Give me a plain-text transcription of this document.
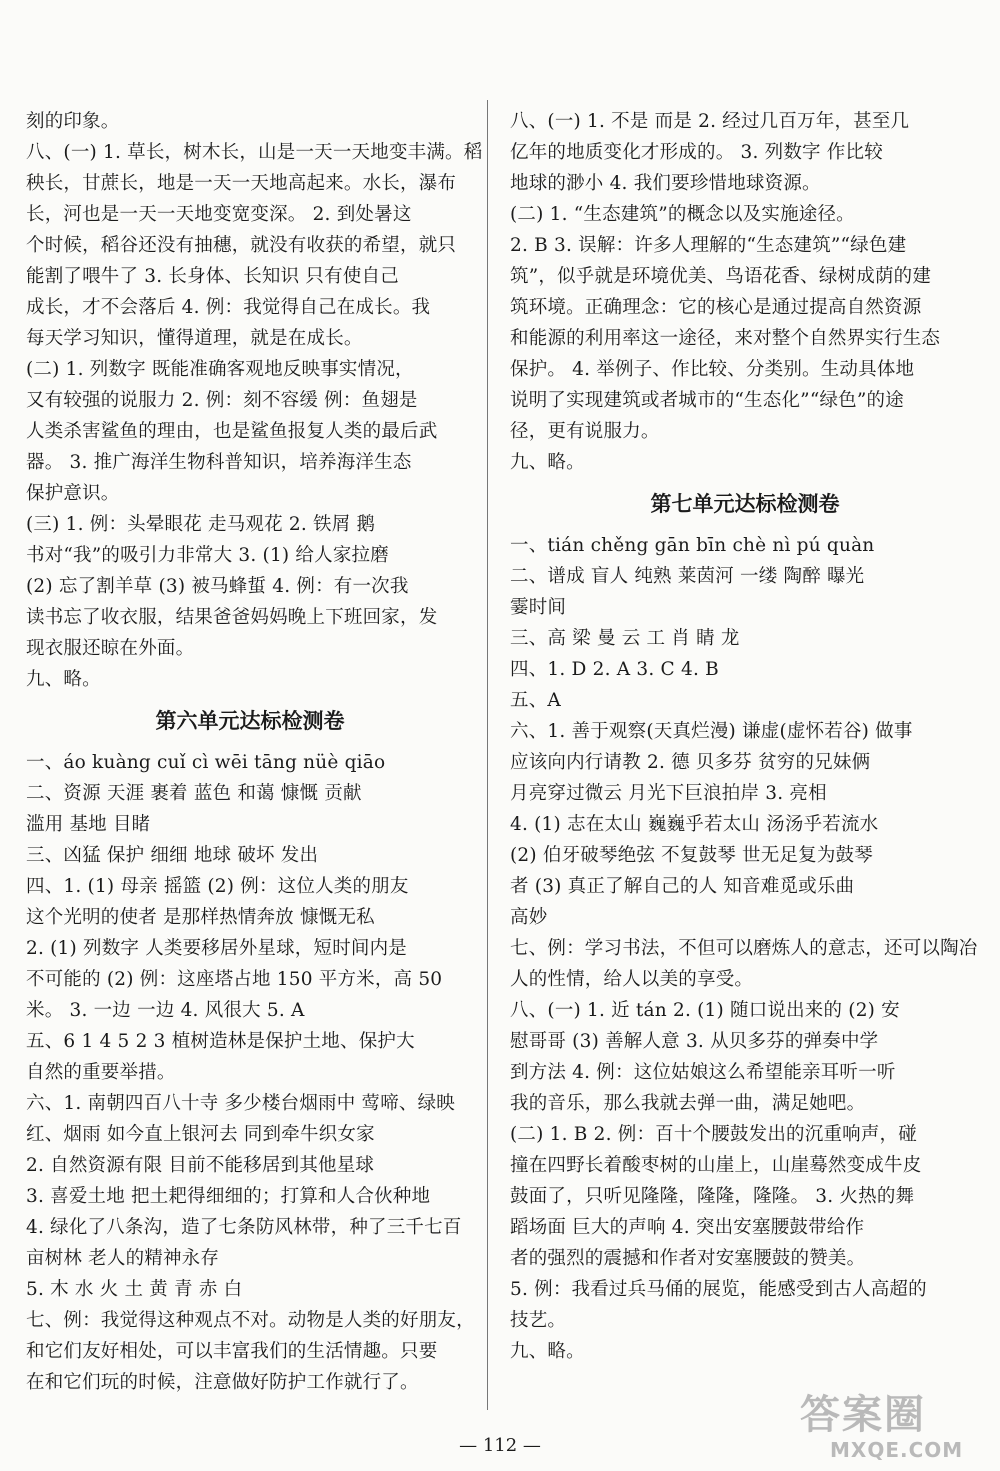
刻的印象。
八、(一) 1. 草长，树木长，山是一天一天地变丰满。稻
秧长，甘蔗长，地是一天一天地高起来。水长，瀑布
长，河也是一天一天地变宽变深。 2. 到处暑这
个时候，稻谷还没有抽穗，就没有收获的希望，就只
能割了喂牛了 3. 长身体、长知识 只有使自己
成长，才不会落后 4. 例：我觉得自己在成长。我
每天学习知识，懂得道理，就是在成长。
(二) 1. 列数字 既能准确客观地反映事实情况，
又有较强的说服力 2. 例：刻不容缓 例：鱼翅是
人类杀害鲨鱼的理由，也是鲨鱼报复人类的最后武
器。 3. 推广海洋生物科普知识，培养海洋生态
保护意识。
(三) 1. 例：头晕眼花 走马观花 2. 铁屑 鹅
书对“我”的吸引力非常大 3. (1) 给人家拉磨
(2) 忘了割羊草 (3) 被马蜂蜇 4. 例：有一次我
读书忘了收衣服，结果爸爸妈妈晚上下班回家，发
现衣服还晾在外面。
九、略。
第六单元达标检测卷
一、áo kuàng cuǐ cì wēi tāng nüè qiāo
二、资源 天涯 裹着 蓝色 和蔼 慷慨 贡献
滥用 基地 目睹
三、凶猛 保护 细细 地球 破坏 发出
四、1. (1) 母亲 摇篮 (2) 例：这位人类的朋友
这个光明的使者 是那样热情奔放 慷慨无私
2. (1) 列数字 人类要移居外星球，短时间内是
不可能的 (2) 例：这座塔占地 150 平方米，高 50
米。 3. 一边 一边 4. 风很大 5. A
五、6 1 4 5 2 3 植树造林是保护土地、保护大
自然的重要举措。
六、1. 南朝四百八十寺 多少楼台烟雨中 莺啼、绿映
红、烟雨 如今直上银河去 同到牵牛织女家
2. 自然资源有限 目前不能移居到其他星球
3. 喜爱土地 把土耙得细细的；打算和人合伙种地
4. 绿化了八条沟，造了七条防风林带，种了三千七百
亩树林 老人的精神永存
5. 木 水 火 土 黄 青 赤 白
七、例：我觉得这种观点不对。动物是人类的好朋友，
和它们友好相处，可以丰富我们的生活情趣。只要
在和它们玩的时候，注意做好防护工作就行了。
八、(一) 1. 不是 而是 2. 经过几百万年，甚至几
亿年的地质变化才形成的。 3. 列数字 作比较
地球的渺小 4. 我们要珍惜地球资源。
(二) 1. “生态建筑”的概念以及实施途径。
2. B 3. 误解：许多人理解的“生态建筑”“绿色建
筑”，似乎就是环境优美、鸟语花香、绿树成荫的建
筑环境。正确理念：它的核心是通过提高自然资源
和能源的利用率这一途径，来对整个自然界实行生态
保护。 4. 举例子、作比较、分类别。生动具体地
说明了实现建筑或者城市的“生态化”“绿色”的途
径，更有说服力。
九、略。
第七单元达标检测卷
一、tián chěng gān bīn chè nì pú quàn
二、谱成 盲人 纯熟 莱茵河 一缕 陶醉 曝光
霎时间
三、高 梁 曼 云 工 肖 睛 龙
四、1. D 2. A 3. C 4. B
五、A
六、1. 善于观察(天真烂漫) 谦虚(虚怀若谷) 做事
应该向内行请教 2. 德 贝多芬 贫穷的兄妹俩
月亮穿过微云 月光下巨浪拍岸 3. 亮相
4. (1) 志在太山 巍巍乎若太山 汤汤乎若流水
(2) 伯牙破琴绝弦 不复鼓琴 世无足复为鼓琴
者 (3) 真正了解自己的人 知音难觅或乐曲
高妙
七、例：学习书法，不但可以磨炼人的意志，还可以陶冶
人的性情，给人以美的享受。
八、(一) 1. 近 tán 2. (1) 随口说出来的 (2) 安
慰哥哥 (3) 善解人意 3. 从贝多芬的弹奏中学
到方法 4. 例：这位姑娘这么希望能亲耳听一听
我的音乐，那么我就去弹一曲，满足她吧。
(二) 1. B 2. 例：百十个腰鼓发出的沉重响声，碰
撞在四野长着酸枣树的山崖上，山崖蓦然变成牛皮
鼓面了，只听见隆隆，隆隆，隆隆。 3. 火热的舞
蹈场面 巨大的声响 4. 突出安塞腰鼓带给作
者的强烈的震撼和作者对安塞腰鼓的赞美。
5. 例：我看过兵马俑的展览，能感受到古人高超的
技艺。
九、略。
— 112 —
答案圈
MXQE.COM
